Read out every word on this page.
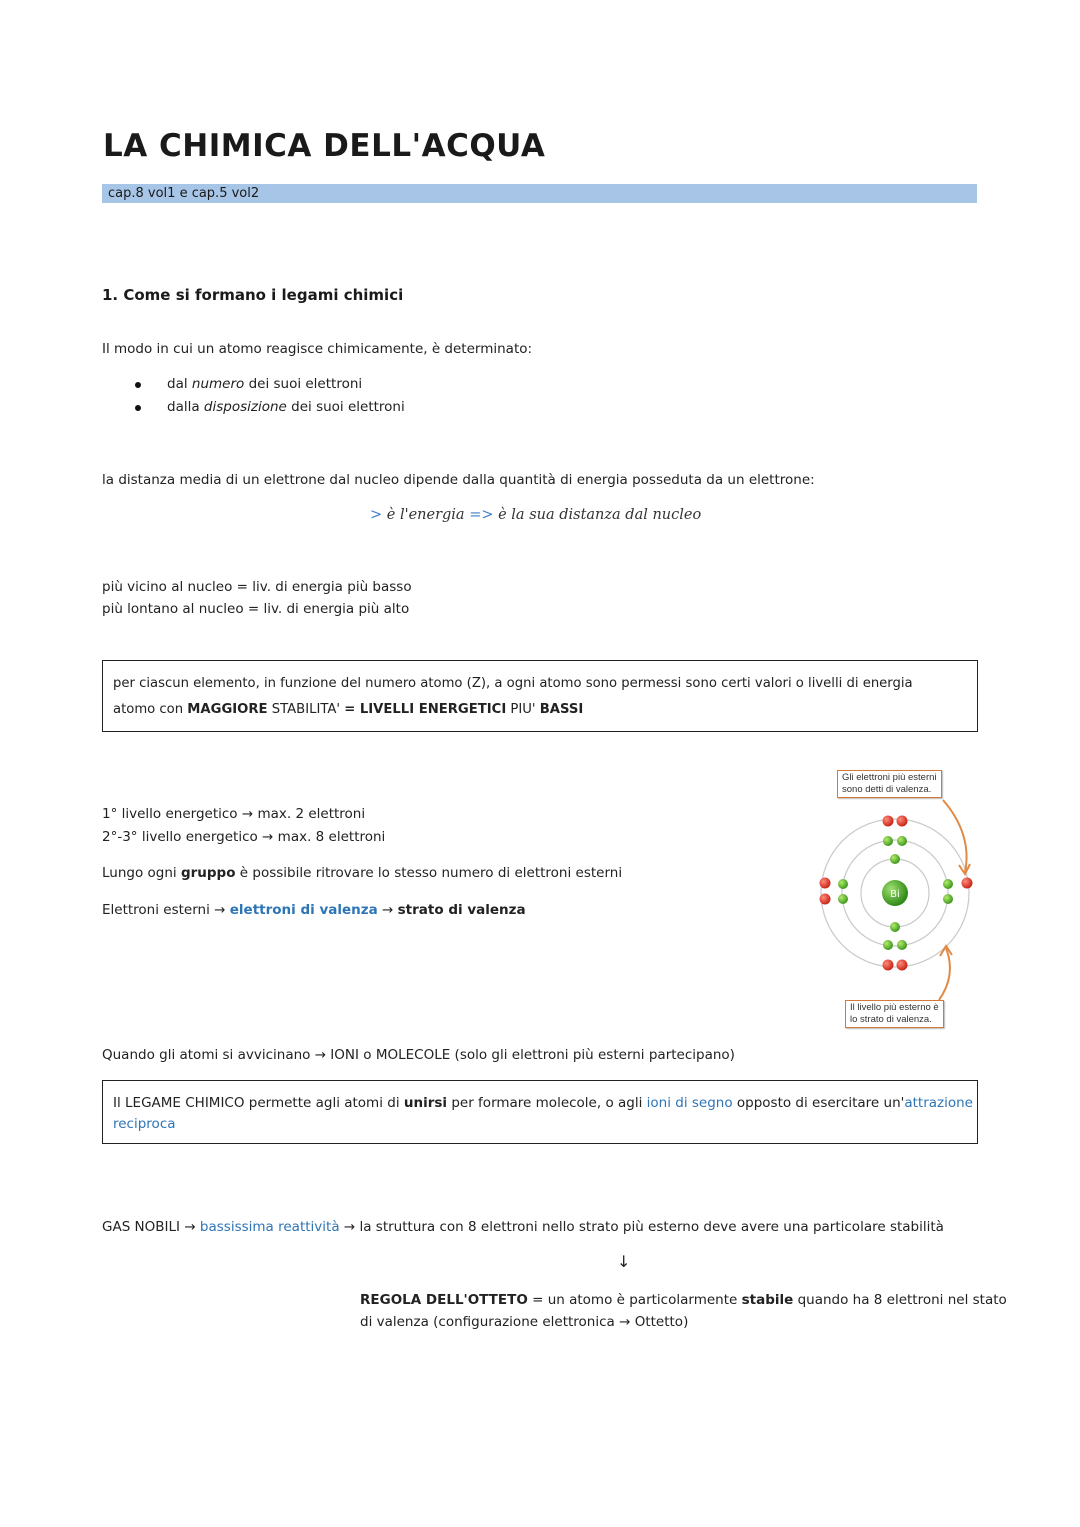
LA CHIMICA DELL'ACQUA
cap.8 vol1 e cap.5 vol2
1. Come si formano i legami chimici
Il modo in cui un atomo reagisce chimicamente, è determinato:
dal numero dei suoi elettroni
dalla disposizione dei suoi elettroni
la distanza media di un elettrone dal nucleo dipende dalla quantità di energia posseduta da un elettrone:
> è l'energia => è la sua distanza dal nucleo
più vicino al nucleo = liv. di energia più basso
più lontano al nucleo = liv. di energia più alto
per ciascun elemento, in funzione del numero atomo (Z), a ogni atomo sono permessi sono certi valori o livelli di energia
atomo con MAGGIORE STABILITA' = LIVELLI ENERGETICI PIU' BASSI
1° livello energetico → max. 2 elettroni
2°-3° livello energetico → max. 8 elettroni
Lungo ogni gruppo è possibile ritrovare lo stesso numero di elettroni esterni
Elettroni esterni → elettroni di valenza → strato di valenza
Bi
Gli elettroni più esterni
sono detti di valenza.
Il livello più esterno è
lo strato di valenza.
Quando gli atomi si avvicinano → IONI o MOLECOLE (solo gli elettroni più esterni partecipano)
Il LEGAME CHIMICO permette agli atomi di unirsi per formare molecole, o agli ioni di segno opposto di esercitare un'attrazione
reciproca
GAS NOBILI → bassissima reattività → la struttura con 8 elettroni nello strato più esterno deve avere una particolare stabilità
↓
REGOLA DELL'OTTETO = un atomo è particolarmente stabile quando ha 8 elettroni nel stato
di valenza (configurazione elettronica → Ottetto)
